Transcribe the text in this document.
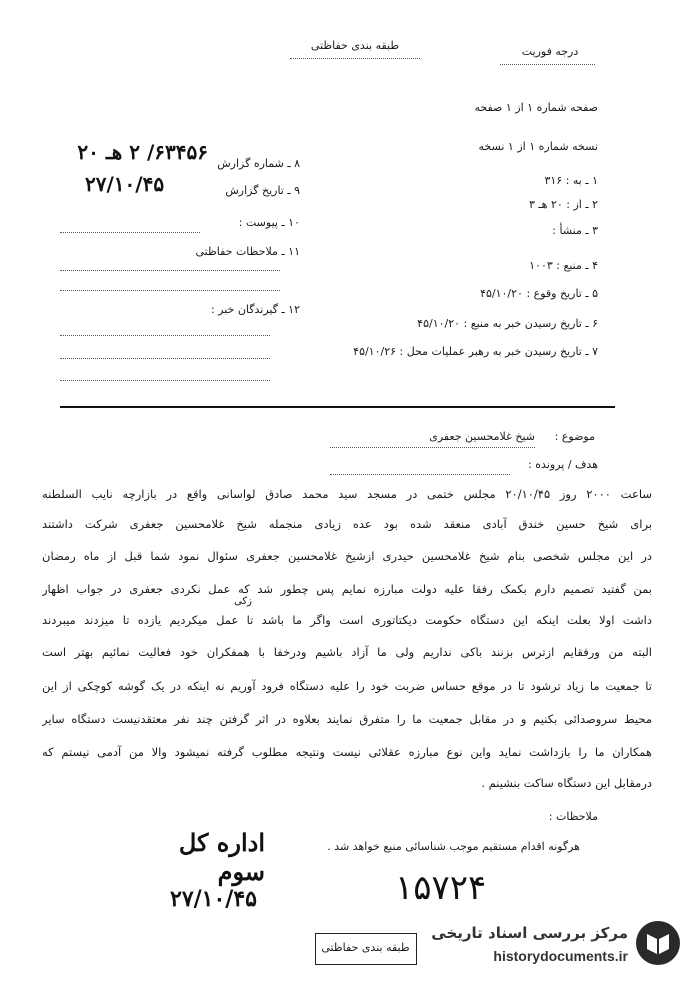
طبقه بندی حفاظتی	درجه فوریت
صفحه شماره ۱ از ۱ صفحه
نسخه شماره ۱ از ۱ نسخه
۱ ـ به : ۳۱۶
۲ ـ از : ۲۰ هـ ۳
۳ ـ منشأ :
۴ ـ منبع : ۱۰۰۳
۵ ـ تاریخ وقوع : ۴۵/۱۰/۲۰
۶ ـ تاریخ رسیدن خبر به منبع : ۴۵/۱۰/۲۰
۷ ـ تاریخ رسیدن خبر به رهبر عملیات محل : ۴۵/۱۰/۲۶
۶۳۴۵۶/ ۲ هـ ۲۰ ۸ ـ شماره گزارش
۲۷/۱۰/۴۵	۹ ـ تاریخ گزارش
۱۰ ـ پیوست :
۱۱ ـ ملاحظات حفاظتی
۱۲ ـ گیرندگان خبر :
موضوع :
شیخ غلامحسین جعفری
هدف / پرونده :
ساعت ۲۰۰۰ روز ۲۰/۱۰/۴۵ مجلس ختمی در مسجد سید محمد صادق لواسانی واقع در بازارچه نایب السلطنه
برای شیخ حسین خندق آبادی منعقد شده بود عده زیادی منجمله شیخ غلامحسین جعفری شرکت داشتند
در این مجلس شخصی بنام شیخ غلامحسین حیدری ازشیخ غلامحسین جعفری سئوال نمود شما قبل از ماه رمضان
بمن گفتید تصمیم دارم بکمک رفقا علیه دولت مبارزه نمایم پس چطور شد که عمل نکردی جعفری در جواب اظهار
داشت اولا بعلت اینکه این دستگاه حکومت دیکتاتوری است واگر ما باشد تا عمل میکردیم یازده تا میزدند میبردند
البته من ورفقایم ازترس بزنند باکی نداریم ولی ما آزاد باشیم ودرخفا با همفکران خود فعالیت نمائیم بهتر است
تا جمعیت ما زیاد ترشود تا در موقع حساس ضربت خود را علیه دستگاه فرود آوریم نه اینکه در یک گوشه کوچکی از این
محیط سروصدائی بکنیم و در مقابل جمعیت ما را متفرق نمایند بعلاوه در اثر گرفتن چند نفر معتقدنیست دستگاه سایر
همکاران ما را بازداشت نماید واین نوع مبارزه عقلائی نیست ونتیجه مطلوب گرفته نمیشود والا من آدمی نیستم که
درمقابل این دستگاه ساکت بنشینم .
زکی
ملاحظات :
هرگونه اقدام مستقیم موجب شناسائی منبع خواهد شد .
اداره کل سوم
۲۷/۱۰/۴۵	۱۵۷۲۴
طبقه بندی حفاظتی
مرکز بررسی اسناد تاریخی
historydocuments.ir
